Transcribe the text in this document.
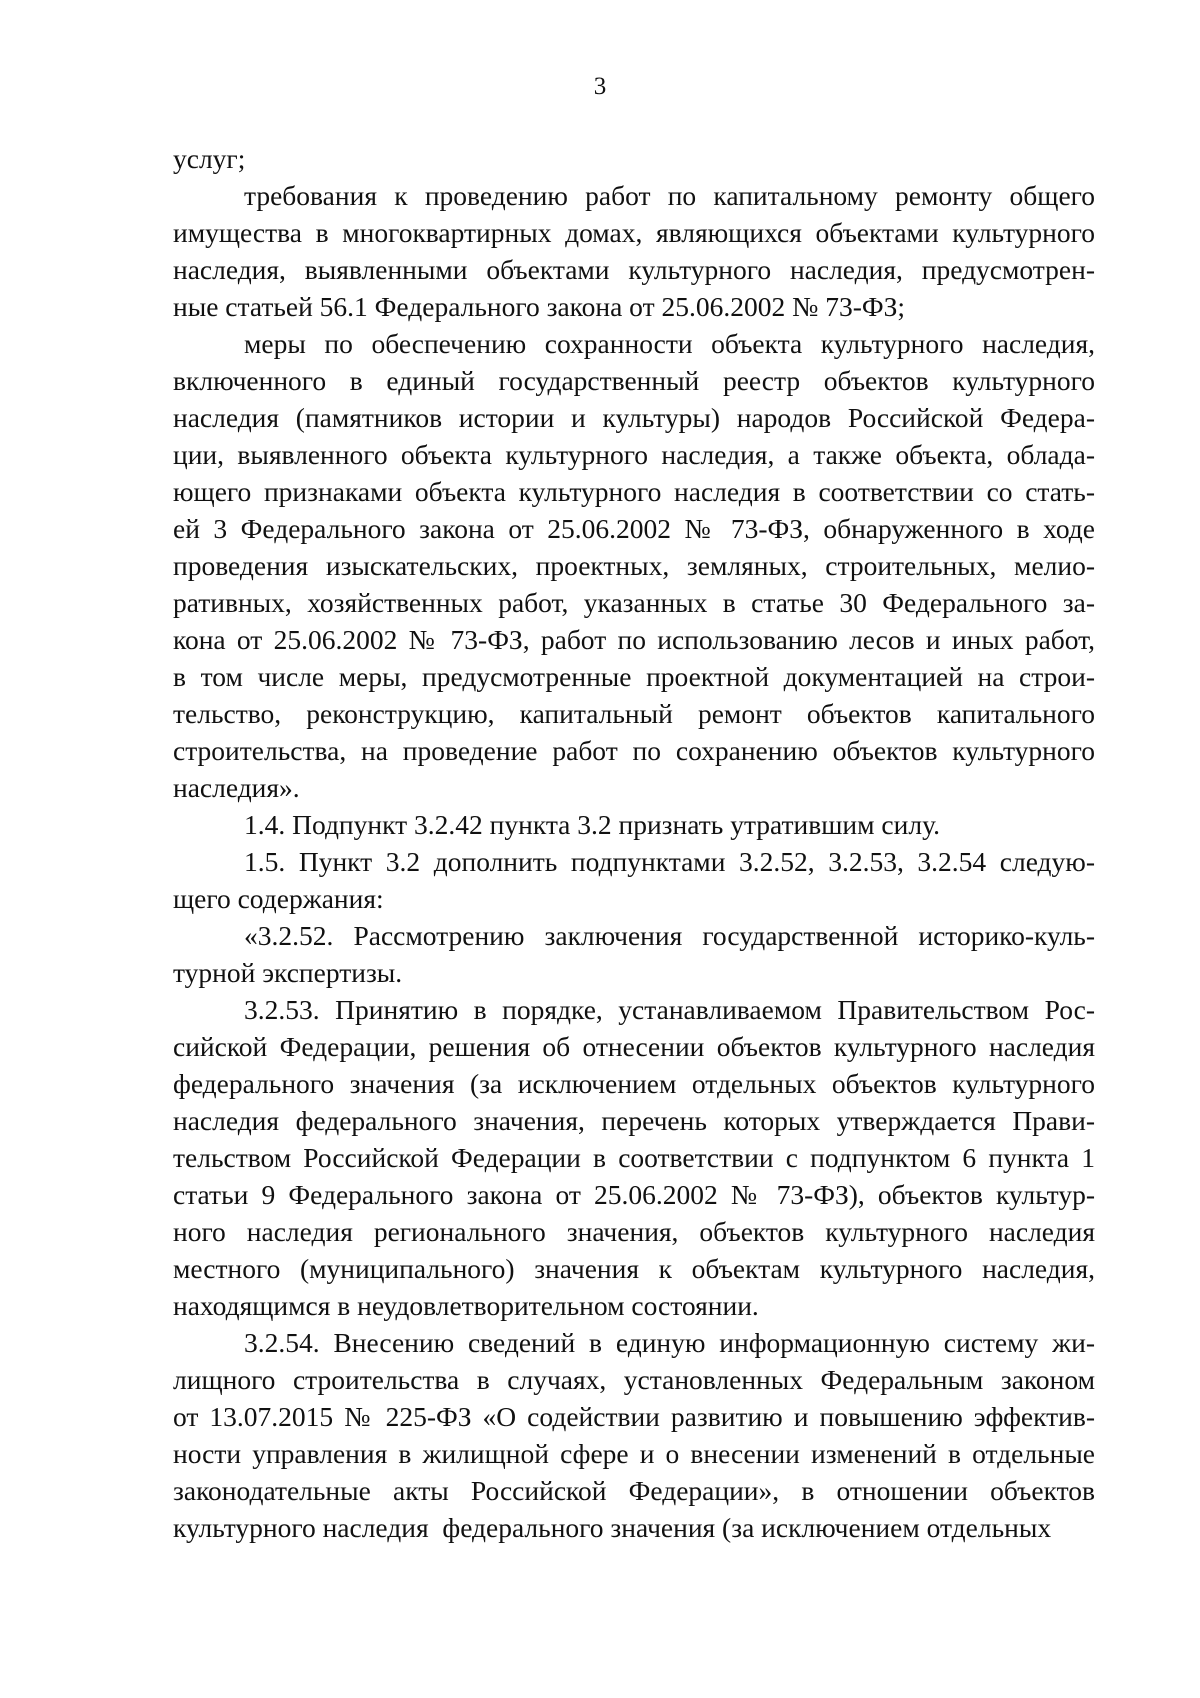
3

услуг;

требования к проведению работ по капитальному ремонту общего
имущества в многоквартирных домах, являющихся объектами культурного
наследия, выявленными объектами культурного наследия, предусмотрен-
ные статьей 56.1 Федерального закона от 25.06.2002 № 73-ФЗ;

меры по обеспечению сохранности объекта культурного наследия,
включенного в единый государственный реестр объектов культурного
наследия (памятников истории и культуры) народов Российской Федера-
ции, выявленного объекта культурного наследия, а также объекта, облада-
ющего признаками объекта культурного наследия в соответствии со стать-
ей 3 Федерального закона от 25.06.2002 № 73-ФЗ, обнаруженного в ходе
проведения изыскательских, проектных, земляных, строительных, мелио-
ративных, хозяйственных работ, указанных в статье 30 Федерального за-
кона от 25.06.2002 № 73-ФЗ, работ по использованию лесов и иных работ,
в том числе меры, предусмотренные проектной документацией на строи-
тельство, реконструкцию, капитальный ремонт объектов капитального
строительства, на проведение работ по сохранению объектов культурного
наследия».

1.4. Подпункт 3.2.42 пункта 3.2 признать утратившим силу.

1.5. Пункт 3.2 дополнить подпунктами 3.2.52, 3.2.53, 3.2.54 следую-
щего содержания:

«3.2.52. Рассмотрению заключения государственной историко-куль-
турной экспертизы.

3.2.53. Принятию в порядке, устанавливаемом Правительством Рос-
сийской Федерации, решения об отнесении объектов культурного наследия
федерального значения (за исключением отдельных объектов культурного
наследия федерального значения, перечень которых утверждается Прави-
тельством Российской Федерации в соответствии с подпунктом 6 пункта 1
статьи 9 Федерального закона от 25.06.2002 № 73-ФЗ), объектов культур-
ного наследия регионального значения, объектов культурного наследия
местного (муниципального) значения к объектам культурного наследия,
находящимся в неудовлетворительном состоянии.

3.2.54. Внесению сведений в единую информационную систему жи-
лищного строительства в случаях, установленных Федеральным законом
от 13.07.2015 № 225-ФЗ «О содействии развитию и повышению эффектив-
ности управления в жилищной сфере и о внесении изменений в отдельные
законодательные акты Российской Федерации», в отношении объектов
культурного наследия  федерального значения (за исключением отдельных
